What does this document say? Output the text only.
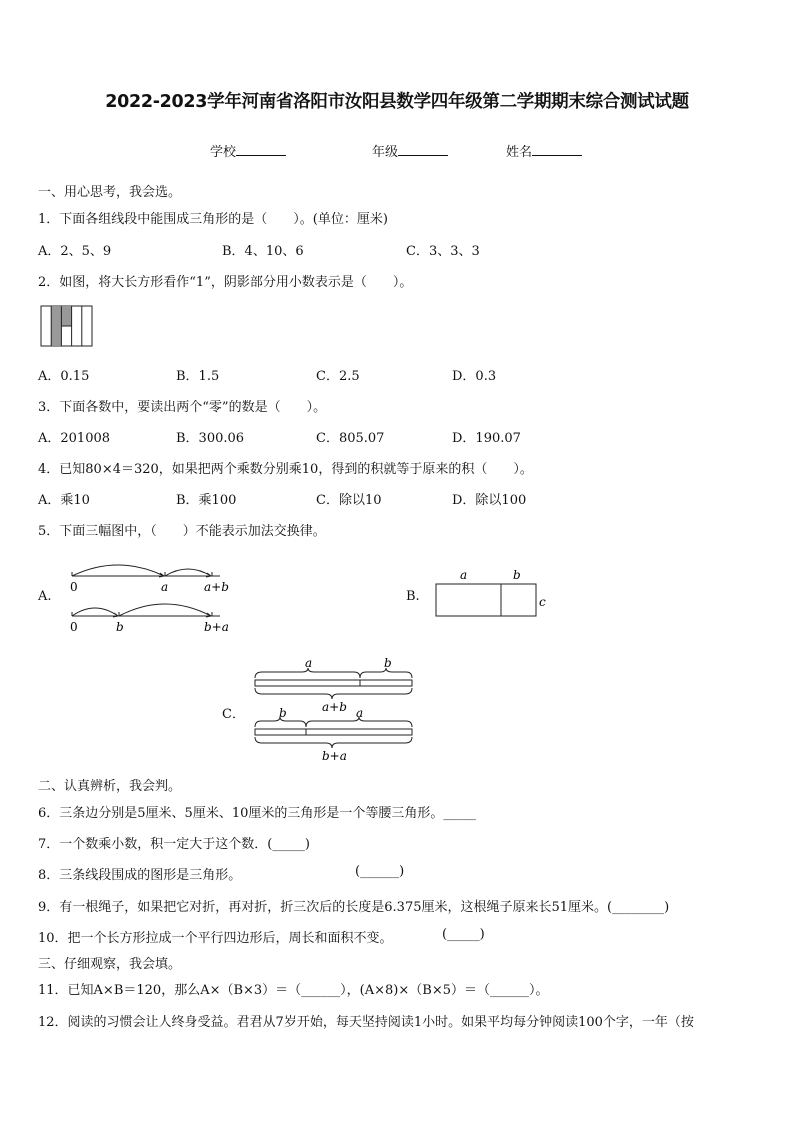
2022-2023学年河南省洛阳市汝阳县数学四年级第二学期期末综合测试试题
学校	年级	姓名
一、用心思考，我会选。
1．下面各组线段中能围成三角形的是（　　）。(单位：厘米)
A．2、5、9	B．4、10、6	C．3、3、3
2．如图，将大长方形看作“1”，阴影部分用小数表示是（　　）。
A．0.15	B．1.5	C．2.5	D．0.3
3．下面各数中，要读出两个“零”的数是（　　）。
A．201008	B．300.06	C．805.07	D．190.07
4．已知80×4＝320，如果把两个乘数分别乘10，得到的积就等于原来的积（　　）。
A．乘10	B．乘100	C．除以10	D．除以100
5．下面三幅图中，（　　）不能表示加法交换律。
A.
0	a	a+b
0	b	b+a
B.
a	b
c
C．
a	b
a+b
b	a
b+a
二、认真辨析，我会判。
6．三条边分别是5厘米、5厘米、10厘米的三角形是一个等腰三角形。_____
7．一个数乘小数，积一定大于这个数．(_____)
8．三条线段围成的图形是三角形。	(______)
9．有一根绳子，如果把它对折，再对折，折三次后的长度是6.375厘米，这根绳子原来长51厘米。(________)
10．把一个长方形拉成一个平行四边形后，周长和面积不变。	(_____)
三、仔细观察，我会填。
11．已知A×B＝120，那么A×（B×3）＝（______），(A×8)×（B×5）＝（______）。
12．阅读的习惯会让人终身受益。君君从7岁开始，每天坚持阅读1小时。如果平均每分钟阅读100个字，一年（按
